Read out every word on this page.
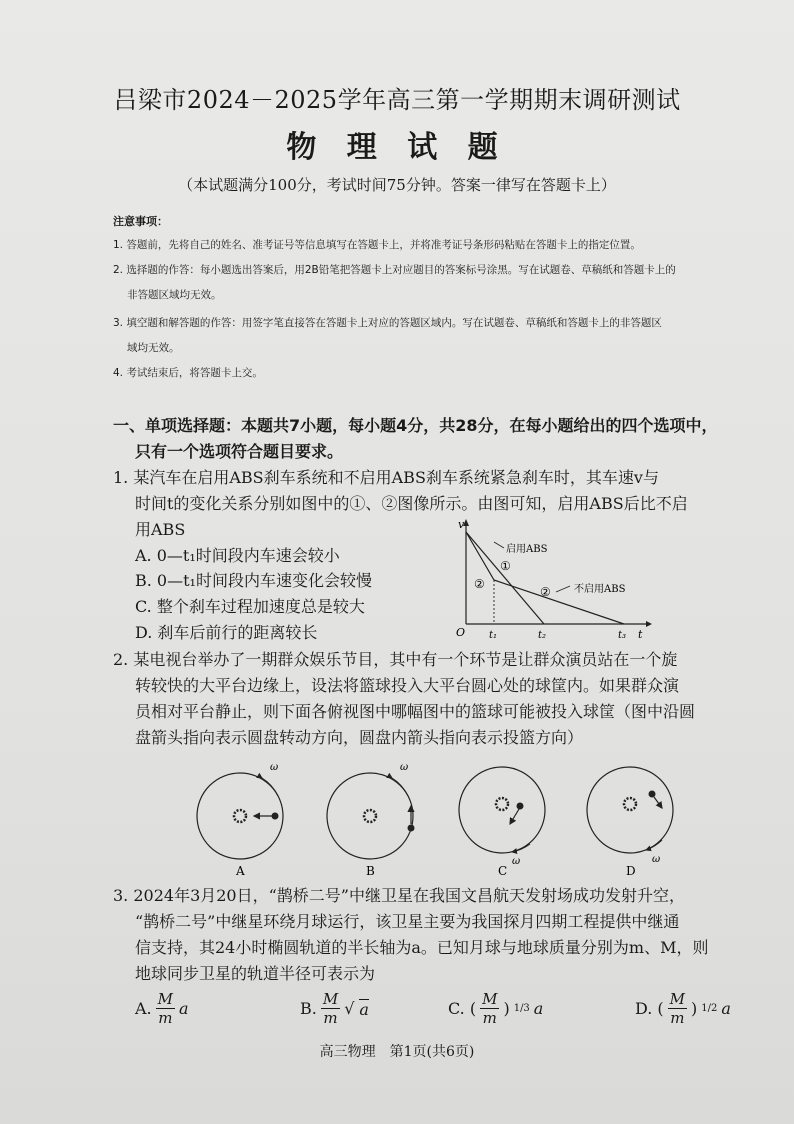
吕梁市2024－2025学年高三第一学期期末调研测试
物 理 试 题
（本试题满分100分，考试时间75分钟。答案一律写在答题卡上）
注意事项：
1. 答题前，先将自己的姓名、准考证号等信息填写在答题卡上，并将准考证号条形码粘贴在答题卡上的指定位置。
2. 选择题的作答：每小题选出答案后，用2B铅笔把答题卡上对应题目的答案标号涂黑。写在试题卷、草稿纸和答题卡上的
非答题区域均无效。
3. 填空题和解答题的作答：用签字笔直接答在答题卡上对应的答题区域内。写在试题卷、草稿纸和答题卡上的非答题区
域均无效。
4. 考试结束后，将答题卡上交。
一、单项选择题：本题共7小题，每小题4分，共28分，在每小题给出的四个选项中，
只有一个选项符合题目要求。
1. 某汽车在启用ABS刹车系统和不启用ABS刹车系统紧急刹车时，其车速v与
时间t的变化关系分别如图中的①、②图像所示。由图可知，启用ABS后比不启
用ABS
A. 0—t₁时间段内车速会较小
B. 0—t₁时间段内车速变化会较慢
C. 整个刹车过程加速度总是较大
D. 刹车后前行的距离较长
v
t
O t₁	t₂	t₃
启用ABS
不启用ABS
①
②
②
2. 某电视台举办了一期群众娱乐节目，其中有一个环节是让群众演员站在一个旋
转较快的大平台边缘上，设法将篮球投入大平台圆心处的球筐内。如果群众演
员相对平台静止，则下面各俯视图中哪幅图中的篮球可能被投入球筐（图中沿圆
盘箭头指向表示圆盘转动方向，圆盘内箭头指向表示投篮方向）
ω
A
ω
B
ω
C
ω
D
3. 2024年3月20日，“鹊桥二号”中继卫星在我国文昌航天发射场成功发射升空，
“鹊桥二号”中继星环绕月球运行，该卫星主要为我国探月四期工程提供中继通
信支持，其24小时椭圆轨道的半长轴为a。已知月球与地球质量分别为m、M，则
地球同步卫星的轨道半径可表示为
A. $\frac{M}{m}$ a	B. $\frac{M}{m}$ √ a	C. ( $\frac{M}{m}$ ) 1/3 a	D. ( $\frac{M}{m}$ ) 1/2 a
高三物理　第1页(共6页)
